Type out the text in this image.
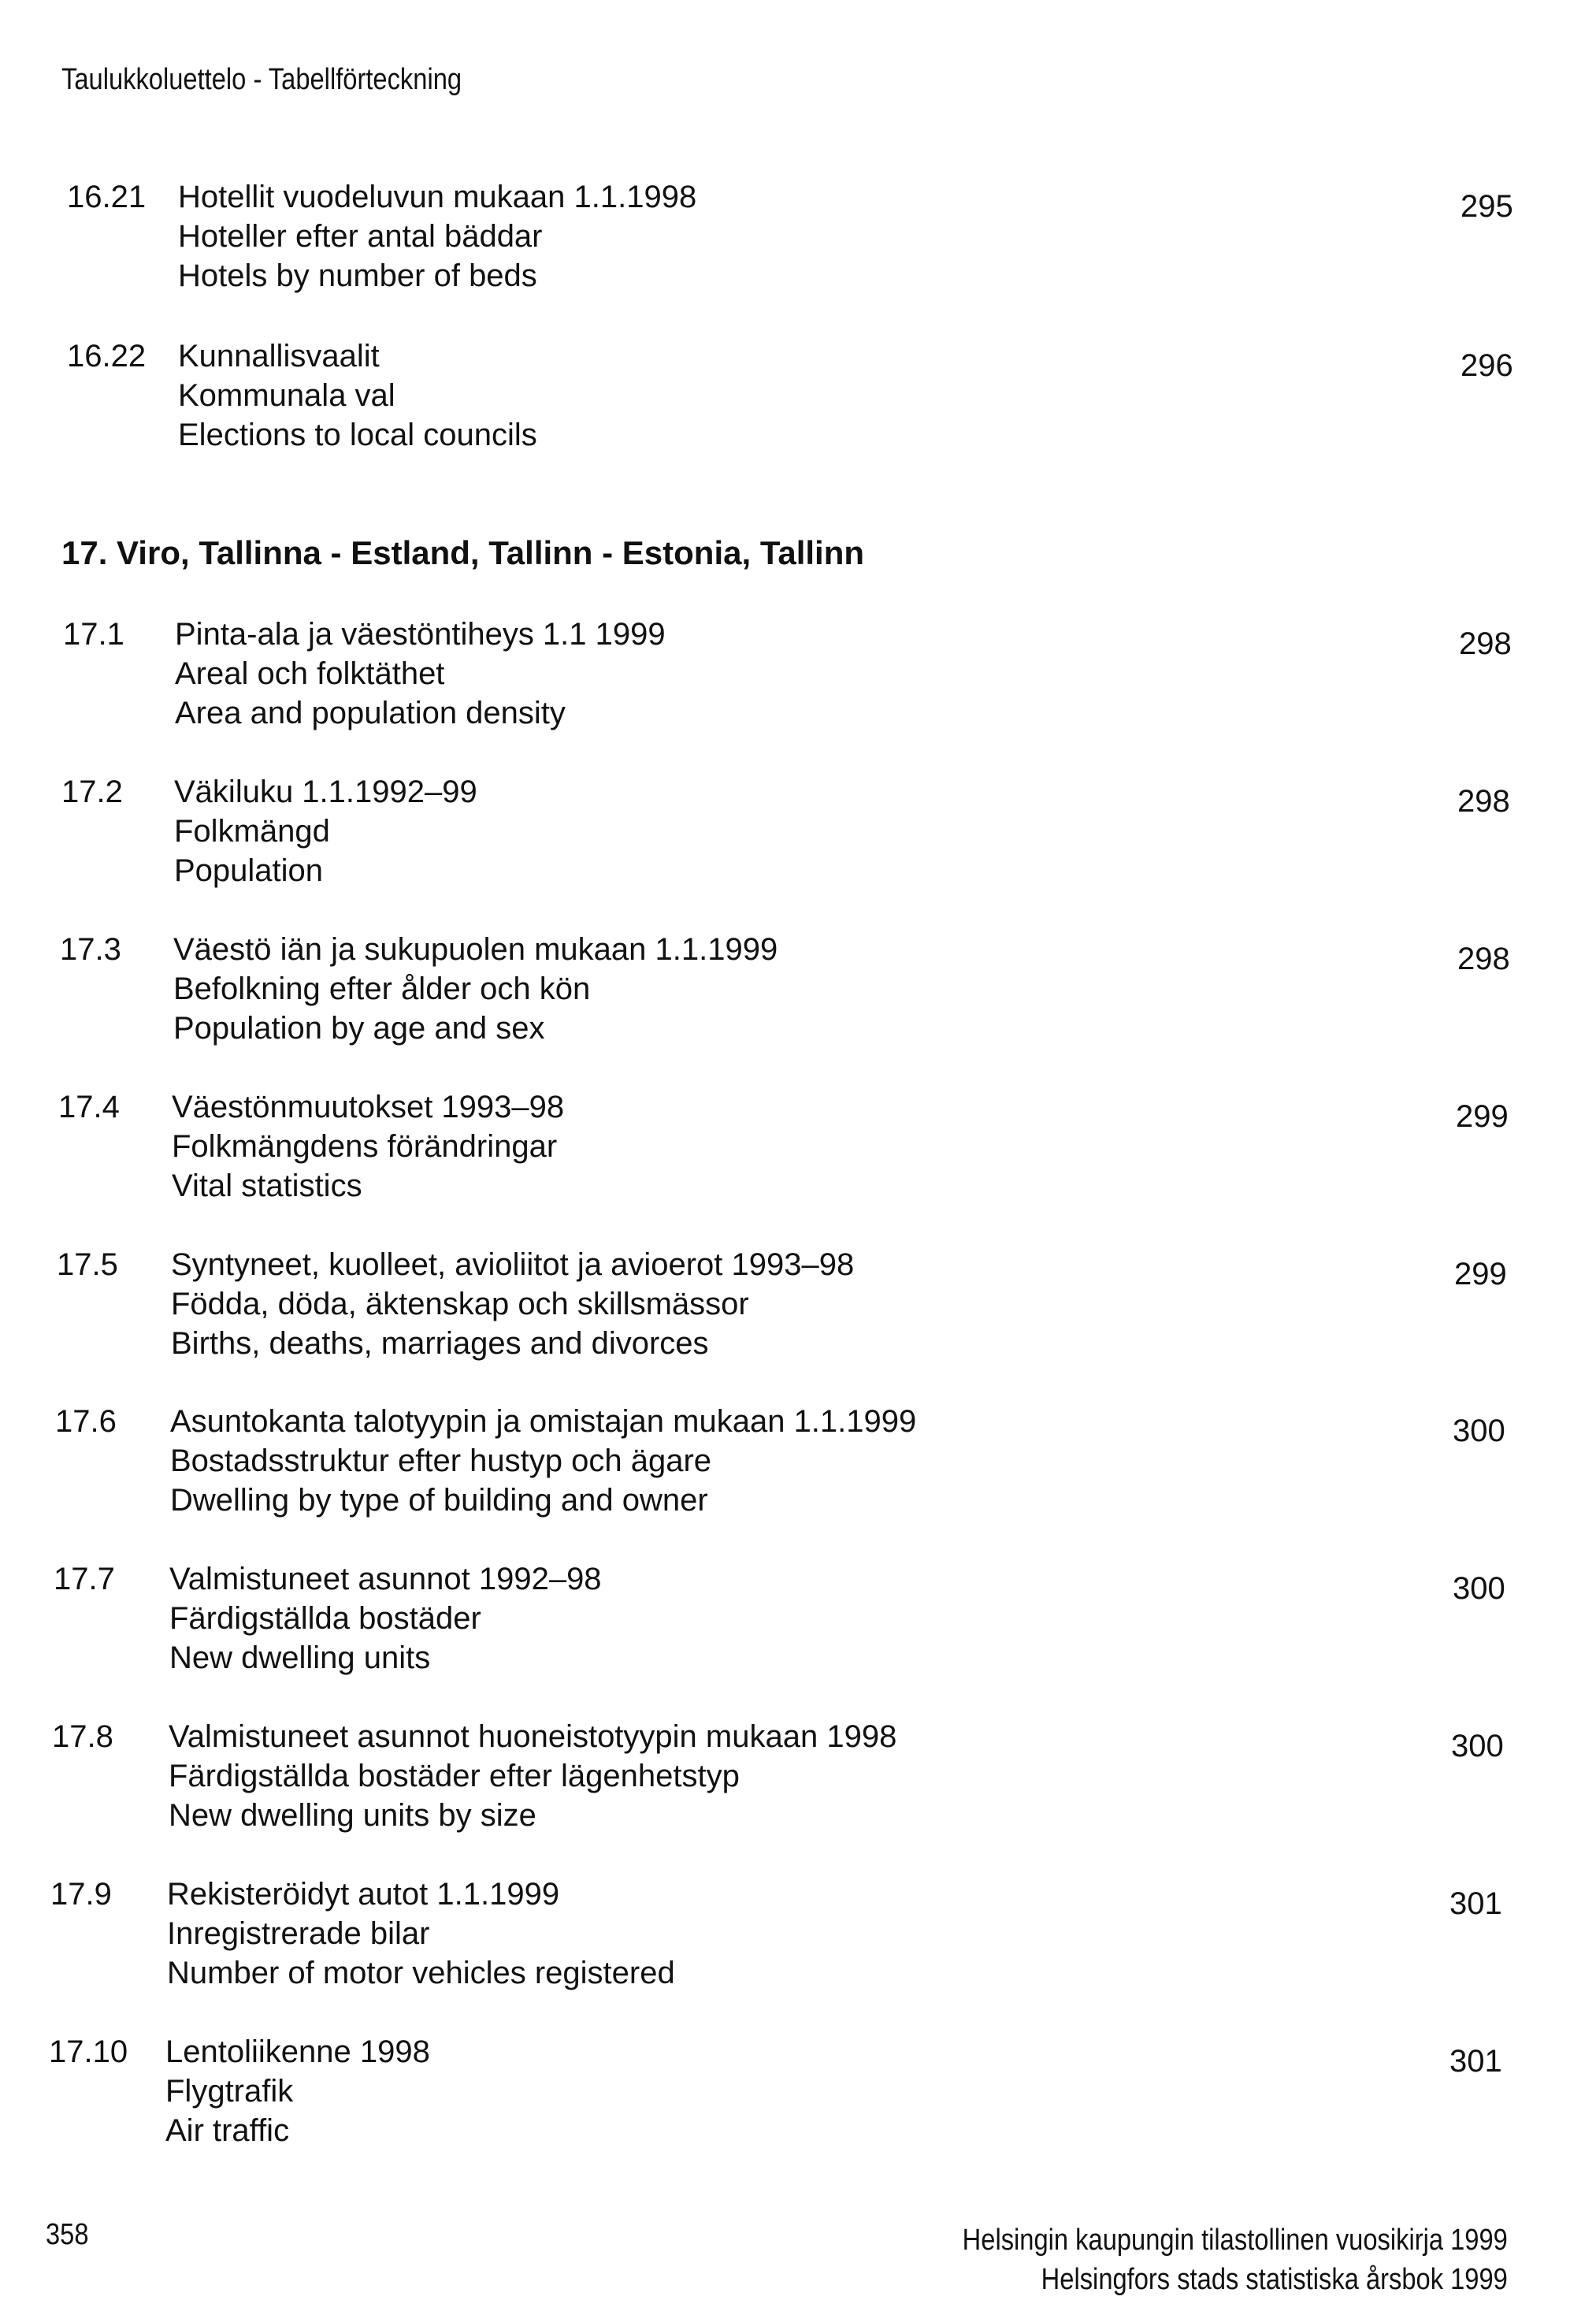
Taulukkoluettelo - Tabellförteckning
16.21 Hotellit vuodeluvun mukaan 1.1.1998
Hoteller efter antal bäddar
Hotels by number of beds
295
16.22 Kunnallisvaalit
Kommunala val
Elections to local councils
296
17. Viro, Tallinna - Estland, Tallinn - Estonia, Tallinn
17.1 Pinta-ala ja väestöntiheys 1.1 1999
Areal och folktäthet
Area and population density
298
17.2 Väkiluku 1.1.1992–99
Folkmängd
Population
298
17.3 Väestö iän ja sukupuolen mukaan 1.1.1999
Befolkning efter ålder och kön
Population by age and sex
298
17.4 Väestönmuutokset 1993–98
Folkmängdens förändringar
Vital statistics
299
17.5 Syntyneet, kuolleet, avioliitot ja avioerot 1993–98
Födda, döda, äktenskap och skillsmässor
Births, deaths, marriages and divorces
299
17.6 Asuntokanta talotyypin ja omistajan mukaan 1.1.1999
Bostadsstruktur efter hustyp och ägare
Dwelling by type of building and owner
300
17.7 Valmistuneet asunnot 1992–98
Färdigställda bostäder
New dwelling units
300
17.8 Valmistuneet asunnot huoneistotyypin mukaan 1998
Färdigställda bostäder efter lägenhetstyp
New dwelling units by size
300
17.9 Rekisteröidyt autot 1.1.1999
Inregistrerade bilar
Number of motor vehicles registered
301
17.10 Lentoliikenne 1998
Flygtrafik
Air traffic
301
358	Helsingin kaupungin tilastollinen vuosikirja 1999
Helsingfors stads statistiska årsbok 1999
